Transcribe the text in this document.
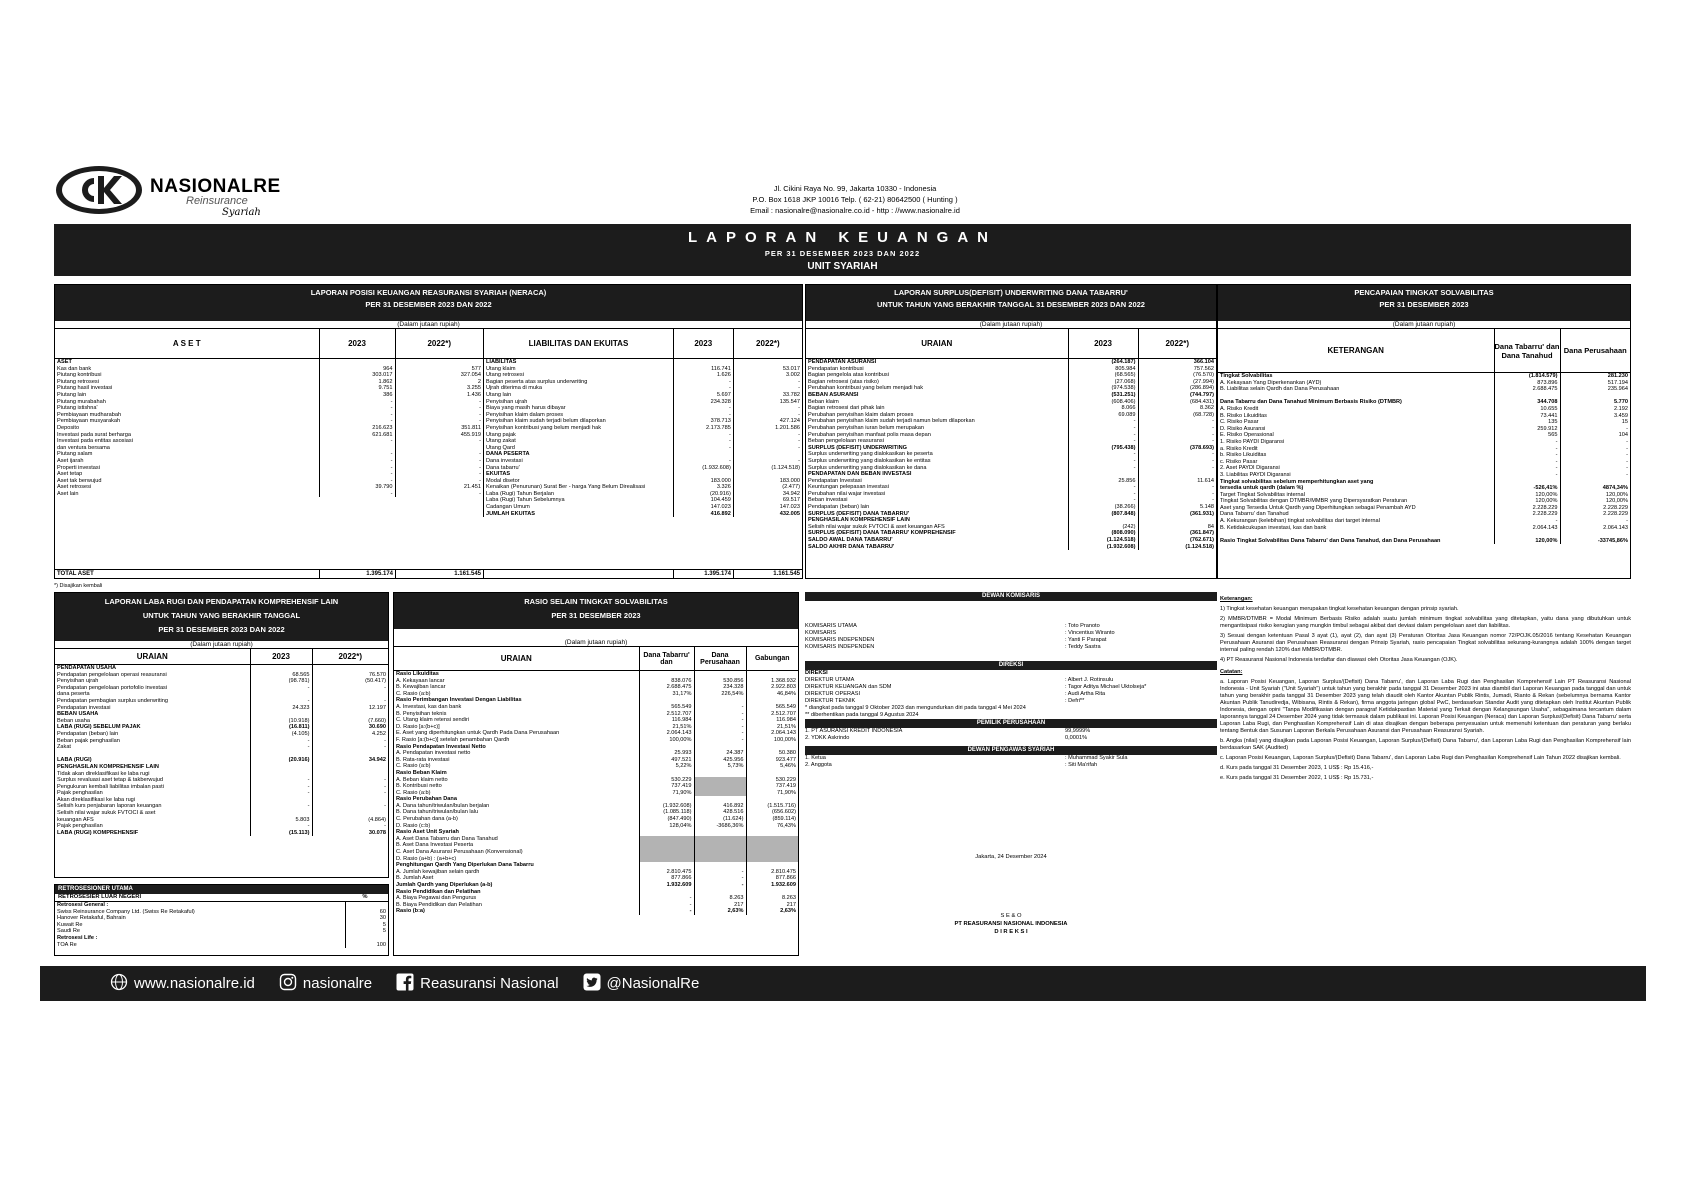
NASIONALRE
Reinsurance
Syariah
Jl. Cikini Raya No. 99, Jakarta 10330 - Indonesia
P.O. Box 1618 JKP 10016 Telp. ( 62-21) 80642500 ( Hunting )
Email : nasionalre@nasionalre.co.id - http : //www.nasionalre.id
LAPORAN KEUANGAN
PER 31 DESEMBER 2023 DAN 2022
UNIT SYARIAH
LAPORAN POSISI KEUANGAN REASURANSI SYARIAH (NERACA)
PER 31 DESEMBER 2023 DAN 2022
(Dalam jutaan rupiah)
A S E T	2023	2022*)
ASET		
Kas dan bank	964	577
Piutang kontribusi	303.017	327.054
Piutang retrosesi	1.862	2
Piutang hasil investasi	9.751	3.255
Piutang lain	386	1.436
Piutang murabahah	-	-
Piutang istishna'	-	-
Pembiayaan mudharabah	-	-
Pembiayaan musyarakah	-	-
Deposito	216.623	351.811
Investasi pada surat berharga	621.681	455.919
Investasi pada entitas asosiasi	-	-
dan ventura bersama		
Piutang salam	-	-
Aset ijarah	-	-
Properti investasi	-	-
Aset tetap	-	-
Aset tak berwujud	-	-
Aset retrosesi	39.790	21.451
Aset lain	-	-
LIABILITAS DAN EKUITAS	2023	2022*)
LIABILITAS		
Utang klaim	116.741	53.017
Utang retrosesi	1.626	3.002
Bagian peserta atas surplus underwriting	-	-
Ujrah diterima di muka	-	-
Utang lain	5.697	33.782
Penyisihan ujrah	234.328	135.547
Biaya yang masih harus dibayar	-	-
Penyisihan klaim dalam proses	-	-
Penyisihan klaim sudah terjadi belum dilaporkan	378.713	427.124
Penyisihan kontribusi yang belum menjadi hak	2.173.785	1.201.586
Utang pajak	-	-
Utang zakat	-	-
Utang Qard	-	-
DANA PESERTA		
Dana investasi	-	-
Dana tabarru'	(1.932.608)	(1.124.518)
EKUITAS		
Modal disetor	183.000	183.000
Kenaikan (Penurunan) Surat Ber - harga Yang Belum Direalisasi	3.326	(2.477)
Laba (Rugi) Tahun Berjalan	(20.916)	34.942
Laba (Rugi) Tahun Sebelumnya	104.459	69.517
Cadangan Umum	147.023	147.023
JUMLAH EKUITAS	416.892	432.005
TOTAL ASET	1.395.174	1.161.545	1.395.174	1.161.545
*) Disajikan kembali
LAPORAN SURPLUS(DEFISIT) UNDERWRITING DANA TABARRU'
UNTUK TAHUN YANG BERAKHIR TANGGAL 31 DESEMBER 2023 DAN 2022
(Dalam jutaan rupiah)
URAIAN	2023	2022*)
PENDAPATAN ASURANSI	(264.187)	366.104
Pendapatan kontribusi	805.984	757.562
Bagian pengelola atas kontribusi	(68.565)	(76.570)
Bagian retrosesi (atas risiko)	(27.068)	(27.994)
Perubahan kontribusi yang belum menjadi hak	(974.538)	(286.894)
BEBAN ASURANSI	(531.251)	(744.797)
Beban klaim	(608.406)	(684.431)
Bagian retrosesi dari pihak lain	8.066	8.362
Perubahan penyisihan klaim dalam proses	69.089	(68.728)
Perubahan penyisihan klaim sudah terjadi namun belum dilaporkan	-	-
Perubahan penyisihan iuran belum merupakan	-	-
Perubahan penyisihan manfaat polis masa depan	-	-
Beban pengelolaan reasuransi	-	-
SURPLUS (DEFISIT) UNDERWRITING	(795.438)	(378.693)
Surplus underwriting yang dialokasikan ke peserta	-	-
Surplus underwriting yang dialokasikan ke entitas	-	-
Surplus underwriting yang dialokasikan ke dana	-	-
PENDAPATAN DAN BEBAN INVESTASI		
Pendapatan Investasi	25.856	11.614
Keuntungan pelepasan investasi	-	-
Perubahan nilai wajar investasi	-	-
Beban investasi	-	-
Pendapatan (beban) lain	(38.266)	5.148
SURPLUS (DEFISIT) DANA TABARRU'	(807.848)	(361.931)
PENGHASILAN KOMPREHENSIF LAIN		
Selisih nilai wajar sukuk FVTOCI & aset keuangan AFS	(242)	84
SURPLUS (DEFISIT) DANA TABARRU' KOMPREHENSIF	(808.090)	(361.847)
SALDO AWAL DANA TABARRU'	(1.124.518)	(762.671)
SALDO AKHIR DANA TABARRU'	(1.932.608)	(1.124.518)
PENCAPAIAN TINGKAT SOLVABILITAS
PER 31 DESEMBER 2023
(Dalam jutaan rupiah)
KETERANGAN	Dana Tabarru' dan Dana Tanahud	Dana Perusahaan
Tingkat Solvabilitas	(1.814.579)	281.230
A. Kekayaan Yang Diperkenankan (AYD)	873.896	517.194
B. Liabilitas selain Qardh dan Dana Perusahaan	2.688.475	235.964

Dana Tabarru dan Dana Tanahud Minimum Berbasis Risiko (DTMBR)	344.708	5.770
A. Risiko Kredit	10.655	2.192
B. Risiko Likuiditas	73.441	3.459
C. Risiko Pasar	135	15
D. Risiko Asuransi	259.912	-
E. Risiko Operasional	565	104
1. Risiko PAYDI Digaransi	-	-
a. Risiko Kredit	-	-
b. Risiko Likuiditas	-	-
c. Risiko Pasar	-	-
2. Aset PAYDI Digaransi	-	-
3. Liabilitas PAYDI Digaransi	-	-
Tingkat solvabilitas sebelum memperhitungkan aset yang		
tersedia untuk qardh (dalam %)	-526,41%	4874,34%
Target Tingkat Solvabilitas internal	120,00%	120,00%
Tingkat Solvabilitas dengan DTMBR/MMBR yang Dipersyaratkan Peraturan	120,00%	120,00%
Aset yang Tersedia Untuk Qardh yang Diperhitungkan sebagai Penambah AYD	2.228.229	2.228.229
Dana Tabarru' dan Tanahud	2.228.229	2.228.229
A. Kekurangan (kelebihan) tingkat solvabilitas dari target internal	-	-
B. Ketidakcukupan investasi, kas dan bank	2.064.143	2.064.143

Rasio Tingkat Solvabilitas Dana Tabarru' dan Dana Tanahud, dan Dana Perusahaan	120,00%	-33745,86%
LAPORAN LABA RUGI DAN PENDAPATAN KOMPREHENSIF LAIN
UNTUK TAHUN YANG BERAKHIR TANGGAL
PER 31 DESEMBER 2023 DAN 2022
(Dalam jutaan rupiah)
URAIAN	2023	2022*)
PENDAPATAN USAHA		
Pendapatan pengelolaan operasi reasuransi	68.565	76.570
Penyisihan ujrah	(98.781)	(50.417)
Pendapatan pengelolaan portofolio investasi	-	-
dana peserta		
Pendapatan pembagian surplus underwriting	-	-
Pendapatan investasi	24.323	12.197
BEBAN USAHA		
Beban usaha	(10.918)	(7.660)
LABA (RUGI) SEBELUM PAJAK	(16.811)	30.690
Pendapatan (beban) lain	(4.105)	4.252
Beban pajak penghasilan	-	-
Zakat	-	-

LABA (RUGI)	(20.916)	34.942
PENGHASILAN KOMPREHENSIF LAIN		
Tidak akan direklasifikasi ke laba rugi		
Surplus revaluasi aset tetap & takberwujud	-	-
Pengukuran kembali liabilitas imbalan pasti	-	-
Pajak penghasilan	-	-
Akan direklasifikasi ke laba rugi		
Selisih kurs penjabaran laporan keuangan	-	-
Selisih nilai wajar sukuk FVTOCI & aset		
keuangan AFS	5.803	(4.864)
Pajak penghasilan	-	-
LABA (RUGI) KOMPREHENSIF	(15.113)	30.078
RETROSESIONER UTAMA
RETROSESIER LUAR NEGERI	%
Retrosesi General :	
Swiss Reinsurance Company Ltd. (Swiss Re Retakaful)	60
Hanover Retakaful, Bahrain	30
Kuwait Re	5
Saudi Re	5
Retrosesi Life :	
TOA Re	100
RASIO SELAIN TINGKAT SOLVABILITAS
PER 31 DESEMBER 2023
(Dalam jutaan rupiah)
URAIAN	Dana Tabarru' dan	Dana Perusahaan	Gabungan
Rasio Likuiditas			
A. Kekayaan lancar	838.076	530.856	1.368.932
B. Kewajiban lancar	2.688.475	234.328	2.922.803
C. Rasio (a:b)	31,17%	226,54%	46,84%
Rasio Perimbangan Investasi Dengan Liabilitas			
A. Investasi, kas dan bank	565.549	-	565.549
B. Penyisihan teknis	2.512.707	-	2.512.707
C. Utang klaim retensi sendiri	116.984	-	116.984
D. Rasio [a:(b+c)]	21,51%	-	21,51%
E. Aset yang diperhitungkan untuk Qardh Pada Dana Perusahaan	2.064.143	-	2.064.143
F. Rasio [a:(b+c)] setelah penambahan Qardh	100,00%	-	100,00%
Rasio Pendapatan Investasi Netto			
A. Pendapatan investasi netto	25.993	24.387	50.380
B. Rata-rata investasi	497.521	425.956	923.477
C. Rasio (a:b)	5,22%	5,73%	5,46%
Rasio Beban Klaim			
A. Beban klaim netto	530.229		530.229
B. Kontribusi netto	737.419		737.419
C. Rasio (a:b)	71,90%		71,90%
Rasio Perubahan Dana			
A. Dana tahun/triwulan/bulan berjalan	(1.932.608)	416.892	(1.515.716)
B. Dana tahun/triwulan/bulan lalu	(1.085.118)	428.516	(656.602)
C. Perubahan dana (a-b)	(847.490)	(11.624)	(859.114)
D. Rasio (c:b)	128,04%	-3686,36%	76,43%
Rasio Aset Unit Syariah			
A. Aset Dana Tabarru dan Dana Tanahud			
B. Aset Dana Investasi Peserta			
C. Aset Dana Asuransi Perusahaan (Konvensional)			
D. Rasio (a+b) : (a+b+c)			
Penghitungan Qardh Yang Diperlukan Dana Tabarru			
A. Jumlah kewajiban selain qardh	2.810.475	-	2.810.475
B. Jumlah Aset	877.866	-	877.866
Jumlah Qardh yang Diperlukan (a-b)	1.932.609	-	1.932.609
Rasio Pendidikan dan Pelatihan			
A. Biaya Pegawai dan Pengurus	-	8.263	8.263
B. Biaya Pendidikan dan Pelatihan	-	217	217
Rasio (b:a)	-	2,63%	2,63%
DEWAN KOMISARIS
KOMISARIS UTAMA	: Toto Pranoto
KOMISARIS	: Vincentius Wiranto
KOMISARIS INDEPENDEN	: Yanti F Parapat
KOMISARIS INDEPENDEN	: Teddy Sastra
DIREKSI
DIREKSI
DIREKTUR UTAMA	: Albert J. Rotinsulu
DIREKTUR KEUANGAN dan SDM	: Tagor Aditya Michael Uktolseja*
DIREKTUR OPERASI	: Audi Artha Rita
DIREKTUR TEKNIK	: Defri**
* diangkat pada tanggal 9 Oktober 2023 dan mengundurkan diri pada tanggal 4 Mei 2024
** diberhentikan pada tanggal 9 Agustus 2024
PEMILIK PERUSAHAAN
1. PT ASURANSI KREDIT INDONESIA	99,9999%
2. YDKK Askrindo	0,0001%
DEWAN PENGAWAS SYARIAH
1. Ketua	: Muhammad Syakir Sula
2. Anggota	: Siti Ma'rifah
Jakarta, 24 Desember 2024
S E & O
PT REASURANSI NASIONAL INDONESIA
D I R E K S I

Keterangan:

1) Tingkat kesehatan keuangan merupakan tingkat kesehatan keuangan dengan prinsip syariah.

2) MMBR/DTMBR = Modal Minimum Berbasis Risiko adalah suatu jumlah minimum tingkat solvabilitas yang ditetapkan, yaitu dana yang dibutuhkan untuk mengantisipasi risiko kerugian yang mungkin timbul sebagai akibat dari deviasi dalam pengelolaan aset dan liabilitas.

3) Sesuai dengan ketentuan Pasal 3 ayat (1), ayat (2), dan ayat (3) Peraturan Otoritas Jasa Keuangan nomor 72/POJK.05/2016 tentang Kesehatan Keuangan Perusahaan Asuransi dan Perusahaan Reasuransi dengan Prinsip Syariah, rasio pencapaian Tingkat solvabilitas sekurang-kurangnya adalah 100% dengan target internal paling rendah 120% dari MMBR/DTMBR.

4) PT Reasuransi Nasional Indonesia terdaftar dan diawasi oleh Otoritas Jasa Keuangan (OJK).

Catatan:

a. Laporan Posisi Keuangan, Laporan Surplus/(Defisit) Dana Tabarru', dan Laporan Laba Rugi dan Penghasilan Komprehensif Lain PT Reasuransi Nasional Indonesia - Unit Syariah ("Unit Syariah") untuk tahun yang berakhir pada tanggal 31 Desember 2023 ini atas diambil dari Laporan Keuangan pada tanggal dan untuk tahun yang berakhir pada tanggal 31 Desember 2023 yang telah diaudit oleh Kantor Akuntan Publik Rintis, Jumadi, Rianto & Rekan (sebelumnya bernama Kantor Akuntan Publik Tanudiredja, Wibisana, Rintis & Rekan), firma anggota jaringan global PwC, berdasarkan Standar Audit yang ditetapkan oleh Institut Akuntan Publik Indonesia, dengan opini "Tanpa Modifikasian dengan paragraf Ketidakpastian Material yang Terkait dengan Kelangsungan Usaha", sebagaimana tercantum dalam laporannya tanggal 24 Desember 2024 yang tidak termasuk dalam publikasi ini. Laporan Posisi Keuangan (Neraca) dan Laporan Surplus/(Defisit) Dana Tabarru' serta Laporan Laba Rugi, dan Penghasilan Komprehensif Lain di atas disajikan dengan beberapa penyesuaian untuk memenuhi ketentuan dan peraturan yang berlaku tentang Bentuk dan Susunan Laporan Berkala Perusahaan Asuransi dan Perusahaan Reasuransi Syariah.

b. Angka (nilai) yang disajikan pada Laporan Posisi Keuangan, Laporan Surplus/(Defisit) Dana Tabarru', dan Laporan Laba Rugi dan Penghasilan Komprehensif lain berdasarkan SAK (Audited)

c. Laporan Posisi Keuangan, Laporan Surplus/(Defisit) Dana Tabarru', dan Laporan Laba Rugi dan Penghasilan Komprehensif Lain Tahun 2022 disajikan kembali.

d. Kurs pada tanggal 31 Desember 2023, 1 US$ : Rp 15.416,-

e. Kurs pada tanggal 31 Desember 2022, 1 US$ : Rp 15.731,-

www.nasionalre.id	nasionalre	Reasuransi Nasional	@NasionalRe
